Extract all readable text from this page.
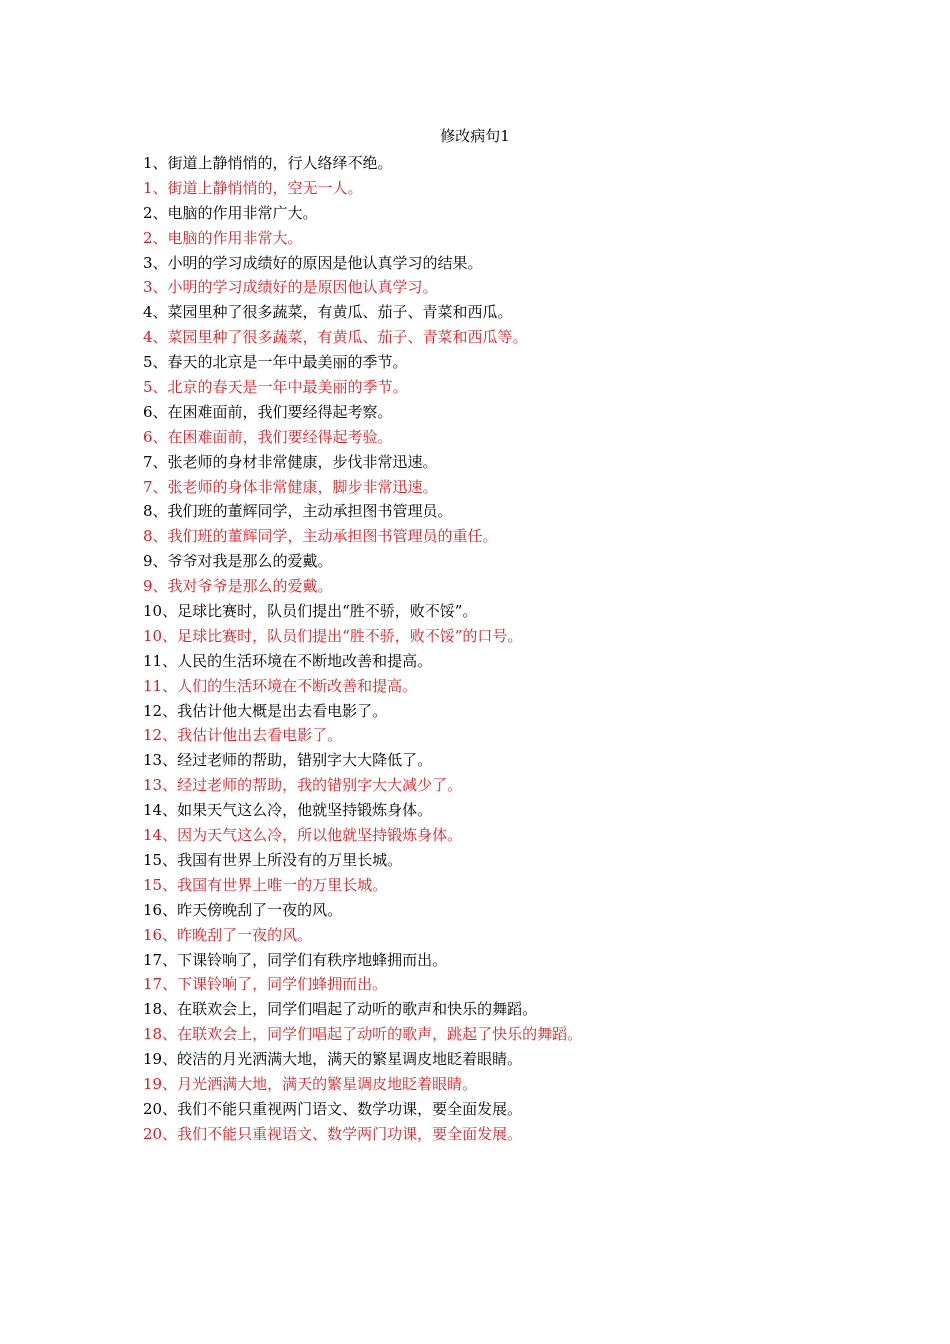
修改病句1
1、街道上静悄悄的，行人络绎不绝。
1、街道上静悄悄的，空无一人。
2、电脑的作用非常广大。
2、电脑的作用非常大。
3、小明的学习成绩好的原因是他认真学习的结果。
3、小明的学习成绩好的是原因他认真学习。
4、菜园里种了很多蔬菜，有黄瓜、茄子、青菜和西瓜。
4、菜园里种了很多蔬菜，有黄瓜、茄子、青菜和西瓜等。
5、春天的北京是一年中最美丽的季节。
5、北京的春天是一年中最美丽的季节。
6、在困难面前，我们要经得起考察。
6、在困难面前，我们要经得起考验。
7、张老师的身材非常健康，步伐非常迅速。
7、张老师的身体非常健康，脚步非常迅速。
8、我们班的董辉同学，主动承担图书管理员。
8、我们班的董辉同学，主动承担图书管理员的重任。
9、爷爷对我是那么的爱戴。
9、我对爷爷是那么的爱戴。
10、足球比赛时，队员们提出“胜不骄，败不馁”。
10、足球比赛时，队员们提出“胜不骄，败不馁”的口号。
11、人民的生活环境在不断地改善和提高。
11、人们的生活环境在不断改善和提高。
12、我估计他大概是出去看电影了。
12、我估计他出去看电影了。
13、经过老师的帮助，错别字大大降低了。
13、经过老师的帮助，我的错别字大大减少了。
14、如果天气这么冷，他就坚持锻炼身体。
14、因为天气这么冷，所以他就坚持锻炼身体。
15、我国有世界上所没有的万里长城。
15、我国有世界上唯一的万里长城。
16、昨天傍晚刮了一夜的风。
16、昨晚刮了一夜的风。
17、下课铃响了，同学们有秩序地蜂拥而出。
17、下课铃响了，同学们蜂拥而出。
18、在联欢会上，同学们唱起了动听的歌声和快乐的舞蹈。
18、在联欢会上，同学们唱起了动听的歌声，跳起了快乐的舞蹈。
19、皎洁的月光洒满大地，满天的繁星调皮地眨着眼睛。
19、月光洒满大地，满天的繁星调皮地眨着眼睛。
20、我们不能只重视两门语文、数学功课，要全面发展。
20、我们不能只重视语文、数学两门功课，要全面发展。
